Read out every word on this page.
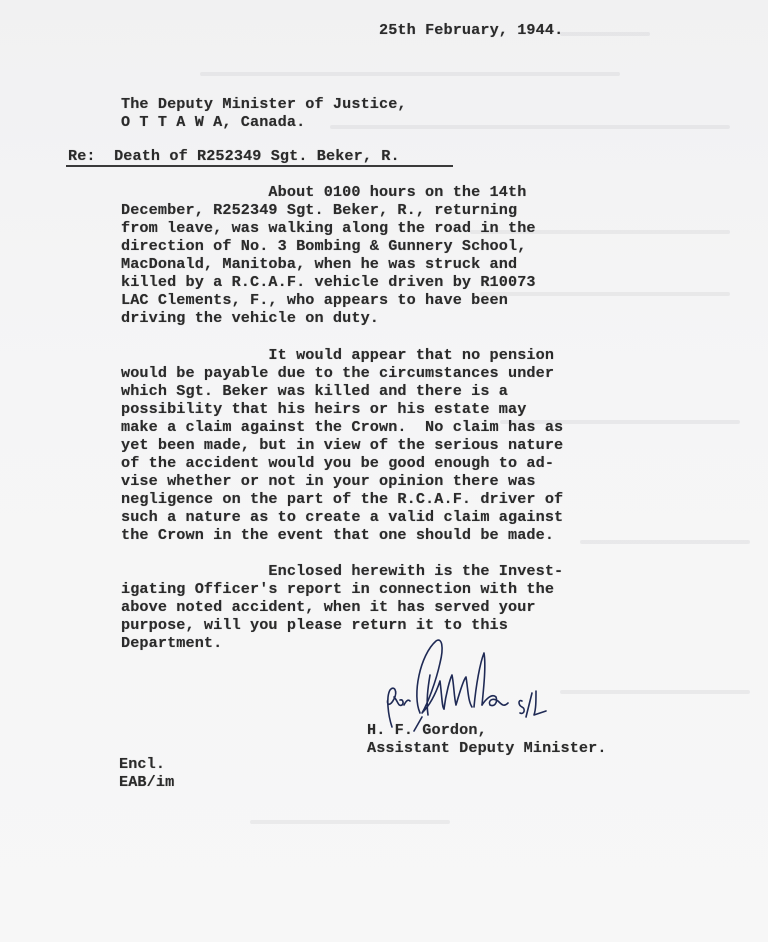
25th February, 1944.
The Deputy Minister of Justice,
O T T A W A, Canada.
Re:  Death of R252349 Sgt. Beker, R.
About 0100 hours on the 14th
December, R252349 Sgt. Beker, R., returning
from leave, was walking along the road in the
direction of No. 3 Bombing & Gunnery School,
MacDonald, Manitoba, when he was struck and
killed by a R.C.A.F. vehicle driven by R10073
LAC Clements, F., who appears to have been
driving the vehicle on duty.
It would appear that no pension
would be payable due to the circumstances under
which Sgt. Beker was killed and there is a
possibility that his heirs or his estate may
make a claim against the Crown.  No claim has as
yet been made, but in view of the serious nature
of the accident would you be good enough to ad-
vise whether or not in your opinion there was
negligence on the part of the R.C.A.F. driver of
such a nature as to create a valid claim against
the Crown in the event that one should be made.
Enclosed herewith is the Invest-
igating Officer's report in connection with the
above noted accident, when it has served your
purpose, will you please return it to this
Department.
H. F. Gordon,
Assistant Deputy Minister.
Encl.
EAB/im
